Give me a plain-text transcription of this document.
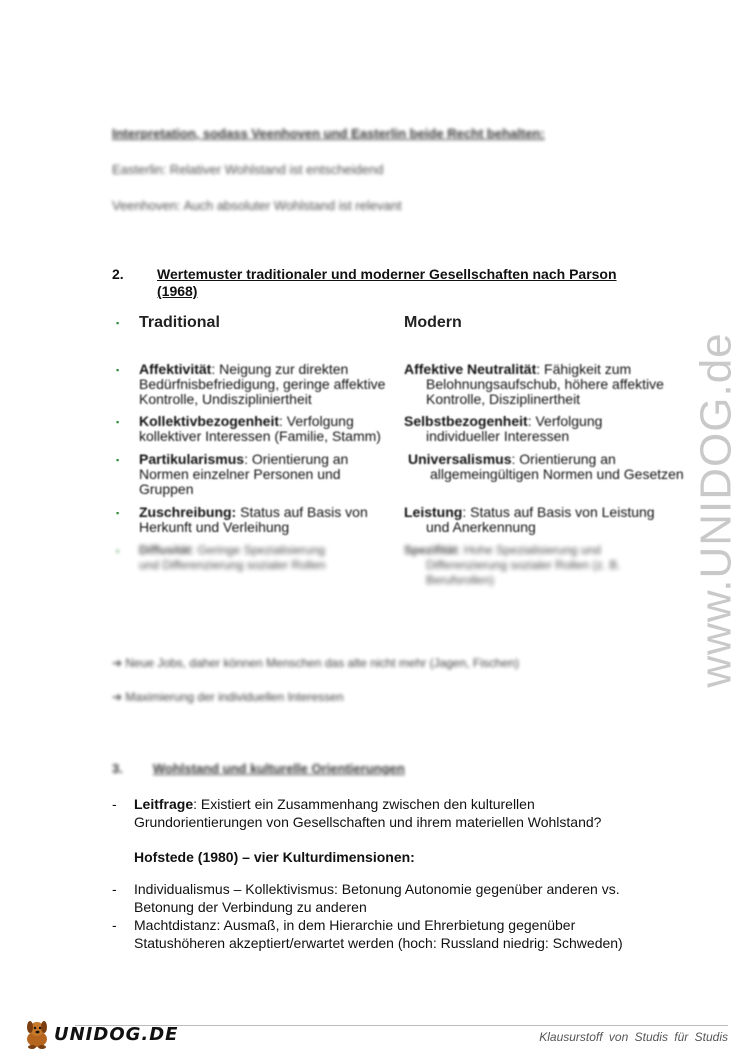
Interpretation, sodass Veenhoven und Easterlin beide Recht behalten:
Easterlin: Relativer Wohlstand ist entscheidend
Veenhoven: Auch absoluter Wohlstand ist relevant
2. Wertemuster traditionaler und moderner Gesellschaften nach Parson (1968)
▪ Traditional	Modern
▪ Affektivität: Neigung zur direkten
Bedürfnisbefriedigung, geringe affektive Kontrolle, Undiszipliniertheit
Affektive Neutralität: Fähigkeit zum
Belohnungsaufschub, höhere affektive Kontrolle, Disziplinertheit
▪ Kollektivbezogenheit: Verfolgung
kollektiver Interessen (Familie, Stamm)
Selbstbezogenheit: Verfolgung
individueller Interessen
▪ Partikularismus: Orientierung an
Normen einzelner Personen und Gruppen
Universalismus: Orientierung an
allgemeingültigen Normen und Gesetzen
▪ Zuschreibung: Status auf Basis von
Herkunft und Verleihung
Leistung: Status auf Basis von Leistung
und Anerkennung
▪ Diffusität: Geringe Spezialisierung
und Differenzierung sozialer Rollen
Spezifität: Hohe Spezialisierung und
Differenzierung sozialer Rollen (z. B. Berufsrollen)
➔ Neue Jobs, daher können Menschen das alte nicht mehr (Jagen, Fischen)
➔ Maximierung der individuellen Interessen
www.UNIDOG.de
3. Wohlstand und kulturelle Orientierungen
- Leitfrage: Existiert ein Zusammenhang zwischen den kulturellen Grundorientierungen von Gesellschaften und ihrem materiellen Wohlstand?
Hofstede (1980) – vier Kulturdimensionen:
- Individualismus – Kollektivismus: Betonung Autonomie gegenüber anderen vs. Betonung der Verbindung zu anderen
- Machtdistanz: Ausmaß, in dem Hierarchie und Ehrerbietung gegenüber Statushöheren akzeptiert/erwartet werden (hoch: Russland niedrig: Schweden)
UNIDOG.DE	Klausurstoff von Studis für Studis
